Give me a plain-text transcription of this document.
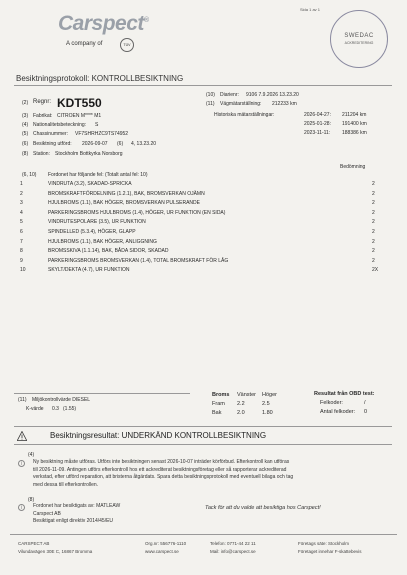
Sida 1 av 1
Carspect®
A company of	TÜV
SWEDAC
ACKREDITERING
Besiktningsprotokoll: KONTROLLBESIKTNING
(2) Regnr: KDT550
(3) Fabrikat: CITROEN M**** M1
(4) Nationalitetsbeteckning: S
(5) Chassinummer: VF7SHRHZC9TS74952
(6) Besiktning utförd: 2026-09-07 (6) 4, 13.23.20
(8) Station: Stockholm Bottkyrka Norsborg
(10) Diarienr: 9106 7.9.2026 13.23.20
(11) Vägmätarställning: 212233 km
Historiska mätarställningar:	2026-04-27: 211204 km
2025-01-28: 191400 km
2023-11-11: 188386 km
Bedömning
(6, 10) Fordonet har följande fel: (Totalt antal fel: 10)
1	VINDRUTA (3.2), SKADAD-SPRICKA	2
2	BROMSKRAFTFÖRDELNING (1.2.1), BAK, BROMSVERKAN OJÄMN	2
3	HJULBROMS (1.1), BAK HÖGER, BROMSVERKAN PULSERANDE	2
4	PARKERINGSBROMS HJULBROMS (1.4), HÖGER, UR FUNKTION (EN SIDA)	2
5	VINDRUTESPOLARE (3.5), UR FUNKTION	2
6	SPINDELLED (5.3.4), HÖGER, GLAPP	2
7	HJULBROMS (1.1), BAK HÖGER, ANLIGGNING	2
8	BROMSSKIVA (1.1.14), BAK, BÅDA SIDOR, SKADAD	2
9	PARKERINGSBROMS BROMSVERKAN (1.4), TOTAL BROMSKRAFT FÖR LÅG	2
10	SKYLT/DEKTA (4.7), UR FUNKTION	2X
(11) Miljökontrollvärde DIESEL
K-värde 0.3 (1.55)
Broms Vänster Höger
Fram 2.2	2.5
Bak	2.0	1.80
Resultat från OBD test:
Felkoder:	/
Antal felkoder: 0
Besiktningsresultat: UNDERKÄND KONTROLLBESIKTNING
i
(4)
Ny besiktning måste utföras. Utförs inte besiktningen senast 2026-10-07 inträder körförbud. Efterkontroll kan utföras
till 2026-11-09. Antingen utförs efterkontroll hos ett ackrediterat besiktningsföretag eller så rapporterar ackrediterad
verkstad, efter utförd reparation, att bristerna åtgärdats. Spara detta besiktningsprotokoll med eventuell bilaga och tag
med dessa till efterkontrollen.
i
(8)
Fordonet har besiktigats av: MATLEAW
Carspect AB
Besiktigat enligt direktiv 2014/45/EU
Tack för att du valde att besiktiga hos Carspect!
CARSPECT AB
Vilundavägen 30E C, 16867 Bromma
Org.nr: 556776-1110
www.carspect.se
Telefon: 0771-44 22 11
Mail: info@carspect.se
Företags säte: Stockholm
Företaget innehar F-skattebevis
